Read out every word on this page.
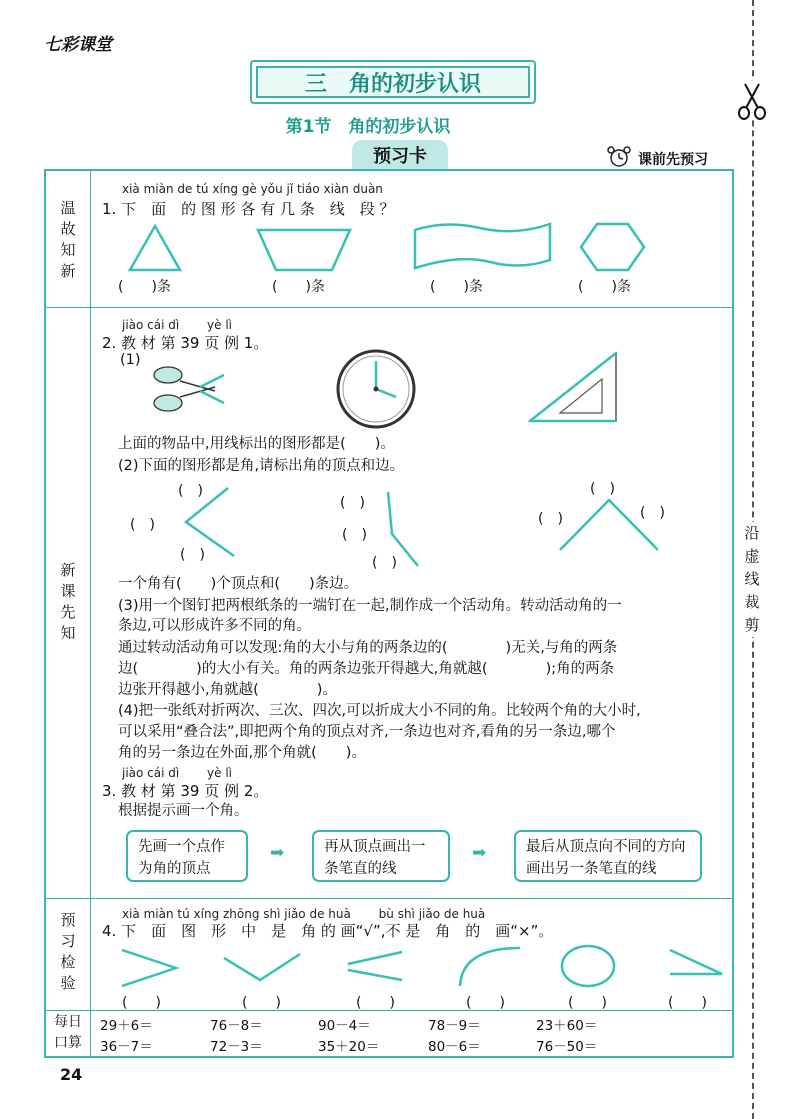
七彩课堂
沿虚线裁剪
三　角的初步认识
第1节　角的初步认识
预习卡	课前先预习
温故知新
新课先知
预习检验
每日口算
xià miàn de tú xíng gè yǒu jǐ tiáo xiàn duàn
1. 下　面　的 图 形 各 有 几 条　线　段 ？
(　　)条	(　　)条	(　　)条	(　　)条
jiào cái dì　　 yè lì
2. 教 材 第 39 页 例 1。
(1)
上面的物品中,用线标出的图形都是(　　)。
(2)下面的图形都是角,请标出角的顶点和边。
(　)
(　)
(　)
(　)
(　)
(　)
(　)
(　)	(　)
一个角有(　　)个顶点和(　　)条边。
(3)用一个图钉把两根纸条的一端钉在一起,制作成一个活动角。转动活动角的一
条边,可以形成许多不同的角。
通过转动活动角可以发现:角的大小与角的两条边的(　　　　)无关,与角的两条
边(　　　　)的大小有关。角的两条边张开得越大,角就越(　　　　);角的两条
边张开得越小,角就越(　　　　)。
(4)把一张纸对折两次、三次、四次,可以折成大小不同的角。比较两个角的大小时,
可以采用“叠合法”,即把两个角的顶点对齐,一条边也对齐,看角的另一条边,哪个
角的另一条边在外面,那个角就(　　)。
jiào cái dì　　 yè lì
3. 教 材 第 39 页 例 2。
根据提示画一个角。
先画一个点作为角的顶点
➡	再从顶点画出一条笔直的线
➡	最后从顶点向不同的方向画出另一条笔直的线
xià miàn tú xíng zhōng shì jiǎo de huà　　 bù shì jiǎo de huà
4. 下　面　图　形　中　是　角 的 画“√”,不 是　角　的　画“×”。
(　　)	(　　)	(　　)	(　　)	(　　)	(　　)
29＋6＝	76－8＝	90－4＝	78－9＝	23＋60＝
36－7＝	72－3＝	35＋20＝	80－6＝	76－50＝
24
